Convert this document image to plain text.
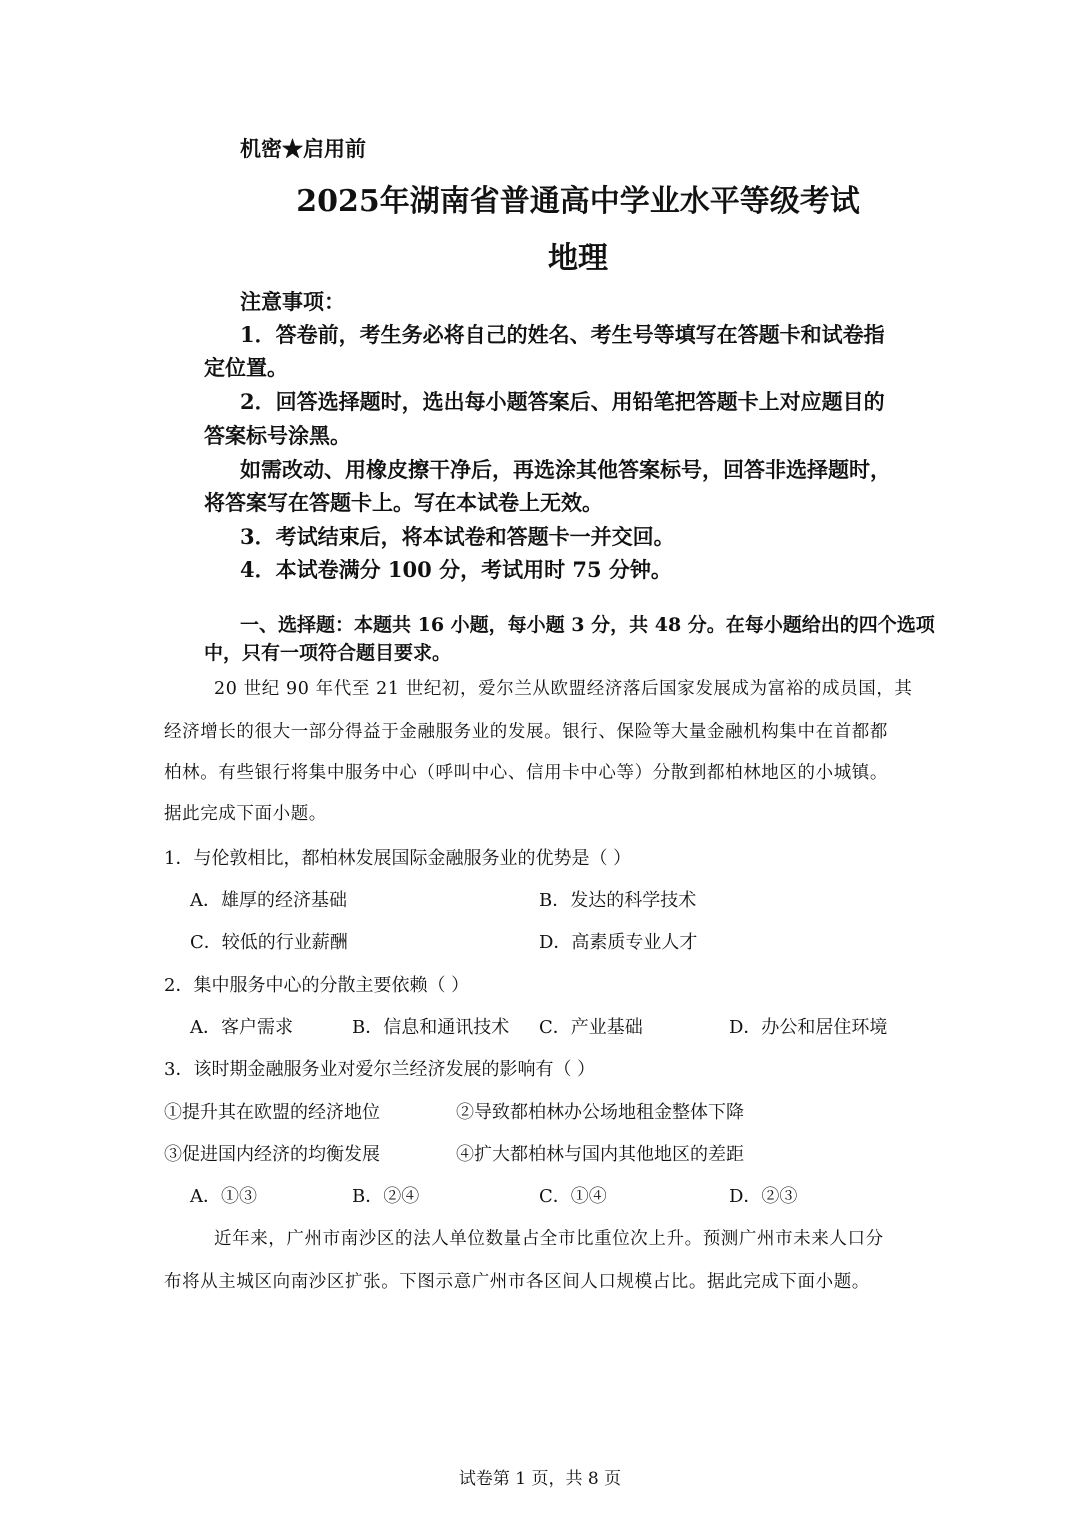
机密★启用前
2025年湖南省普通高中学业水平等级考试
地理
注意事项：
1．答卷前，考生务必将自己的姓名、考生号等填写在答题卡和试卷指
定位置。
2．回答选择题时，选出每小题答案后、用铅笔把答题卡上对应题目的
答案标号涂黑。
如需改动、用橡皮擦干净后，再选涂其他答案标号，回答非选择题时，
将答案写在答题卡上。写在本试卷上无效。
3．考试结束后，将本试卷和答题卡一并交回。
4．本试卷满分 100 分，考试用时 75 分钟。
一、选择题：本题共 16 小题，每小题 3 分，共 48 分。在每小题给出的四个选项
中，只有一项符合题目要求。
20 世纪 90 年代至 21 世纪初，爱尔兰从欧盟经济落后国家发展成为富裕的成员国，其
经济增长的很大一部分得益于金融服务业的发展。银行、保险等大量金融机构集中在首都都
柏林。有些银行将集中服务中心（呼叫中心、信用卡中心等）分散到都柏林地区的小城镇。
据此完成下面小题。
1．与伦敦相比，都柏林发展国际金融服务业的优势是（ ）
A．雄厚的经济基础	B．发达的科学技术
C．较低的行业薪酬	D．高素质专业人才
2．集中服务中心的分散主要依赖（ ）
A．客户需求	B．信息和通讯技术 C．产业基础	D．办公和居住环境
3．该时期金融服务业对爱尔兰经济发展的影响有（ ）
①提升其在欧盟的经济地位	②导致都柏林办公场地租金整体下降
③促进国内经济的均衡发展	④扩大都柏林与国内其他地区的差距
A．①③	B．②④	C．①④	D．②③
近年来，广州市南沙区的法人单位数量占全市比重位次上升。预测广州市未来人口分
布将从主城区向南沙区扩张。下图示意广州市各区间人口规模占比。据此完成下面小题。
试卷第 1 页，共 8 页
